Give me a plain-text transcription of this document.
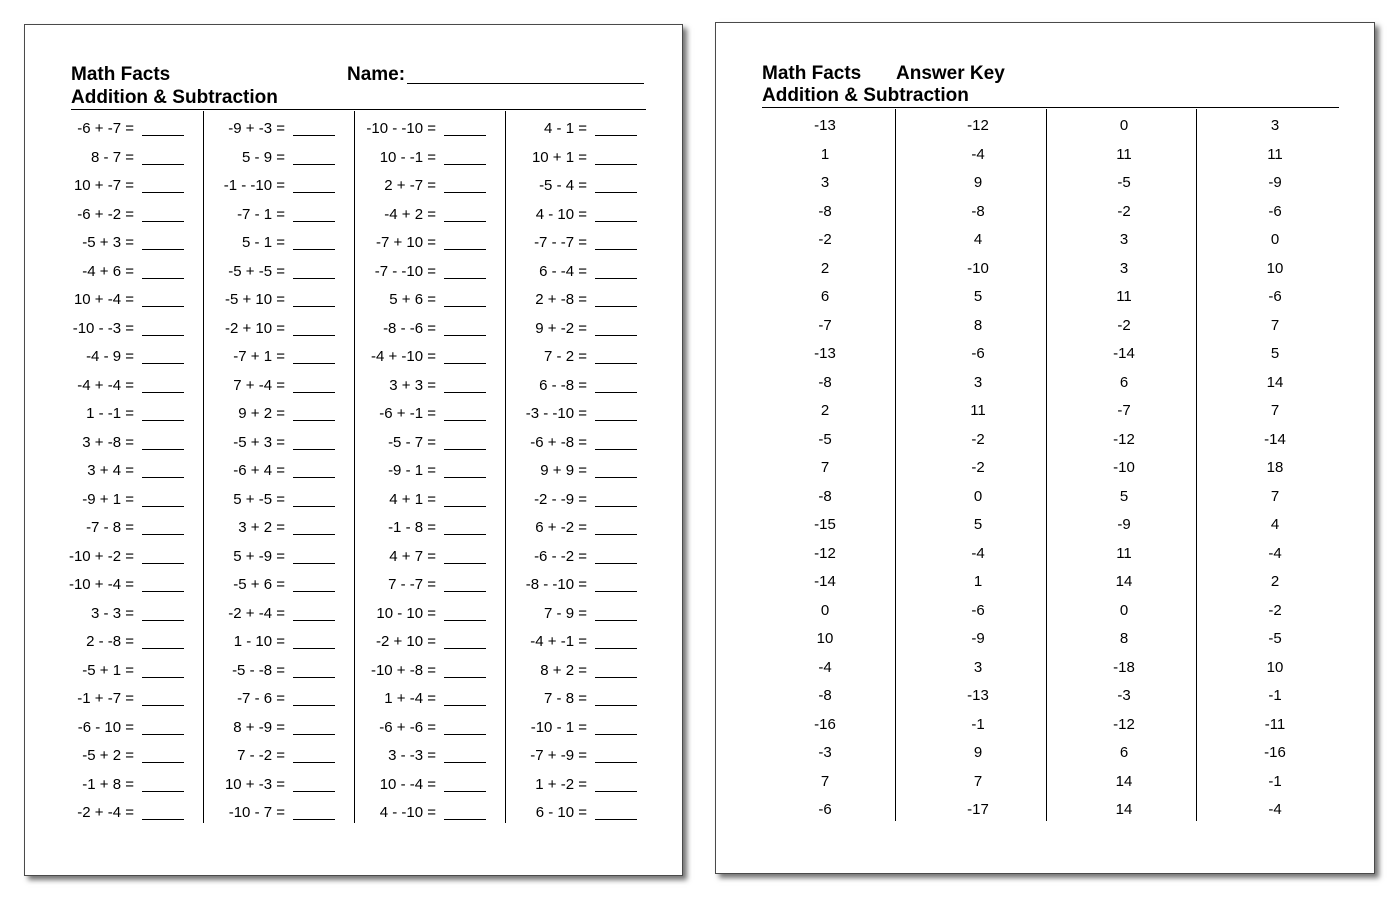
Math Facts
Addition & Subtraction
Name:
-6 + -7 =
8 - 7 =
10 + -7 =
-6 + -2 =
-5 + 3 =
-4 + 6 =
10 + -4 =
-10 - -3 =
-4 - 9 =
-4 + -4 =
1 - -1 =
3 + -8 =
3 + 4 =
-9 + 1 =
-7 - 8 =
-10 + -2 =
-10 + -4 =
3 - 3 =
2 - -8 =
-5 + 1 =
-1 + -7 =
-6 - 10 =
-5 + 2 =
-1 + 8 =
-2 + -4 =
-9 + -3 =
5 - 9 =
-1 - -10 =
-7 - 1 =
5 - 1 =
-5 + -5 =
-5 + 10 =
-2 + 10 =
-7 + 1 =
7 + -4 =
9 + 2 =
-5 + 3 =
-6 + 4 =
5 + -5 =
3 + 2 =
5 + -9 =
-5 + 6 =
-2 + -4 =
1 - 10 =
-5 - -8 =
-7 - 6 =
8 + -9 =
7 - -2 =
10 + -3 =
-10 - 7 =
-10 - -10 =
10 - -1 =
2 + -7 =
-4 + 2 =
-7 + 10 =
-7 - -10 =
5 + 6 =
-8 - -6 =
-4 + -10 =
3 + 3 =
-6 + -1 =
-5 - 7 =
-9 - 1 =
4 + 1 =
-1 - 8 =
4 + 7 =
7 - -7 =
10 - 10 =
-2 + 10 =
-10 + -8 =
1 + -4 =
-6 + -6 =
3 - -3 =
10 - -4 =
4 - -10 =
4 - 1 =
10 + 1 =
-5 - 4 =
4 - 10 =
-7 - -7 =
6 - -4 =
2 + -8 =
9 + -2 =
7 - 2 =
6 - -8 =
-3 - -10 =
-6 + -8 =
9 + 9 =
-2 - -9 =
6 + -2 =
-6 - -2 =
-8 - -10 =
7 - 9 =
-4 + -1 =
8 + 2 =
7 - 8 =
-10 - 1 =
-7 + -9 =
1 + -2 =
6 - 10 =
Math Facts Answer Key
Addition & Subtraction
-13
1
3
-8
-2
2
6
-7
-13
-8
2
-5
7
-8
-15
-12
-14
0
10
-4
-8
-16
-3
7
-6
-12
-4
9
-8
4
-10
5
8
-6
3
11
-2
-2
0
5
-4
1
-6
-9
3
-13
-1
9
7
-17
0
11
-5
-2
3
3
11
-2
-14
6
-7
-12
-10
5
-9
11
14
0
8
-18
-3
-12
6
14
14
3
11
-9
-6
0
10
-6
7
5
14
7
-14
18
7
4
-4
2
-2
-5
10
-1
-11
-16
-1
-4
